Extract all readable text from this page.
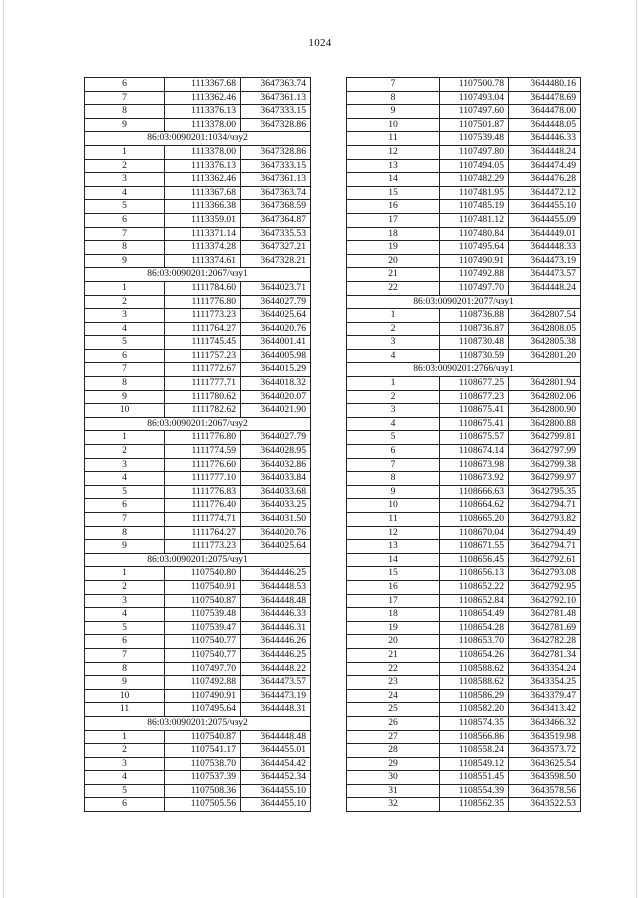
1024
6	1113367.68	3647363.74
7	1113362.46	3647361.13
8	1113376.13	3647333.15
9	1113378.00	3647328.86
86:03:0090201:1034/чзу2		
1	1113378.00	3647328.86
2	1113376.13	3647333.15
3	1113362.46	3647361.13
4	1113367.68	3647363.74
5	1113366.38	3647368.59
6	1113359.01	3647364.87
7	1113371.14	3647335.53
8	1113374.28	3647327.21
9	1113374.61	3647328.21
86:03:0090201:2067/чзу1		
1	1111784.60	3644023.71
2	1111776.80	3644027.79
3	1111773.23	3644025.64
4	1111764.27	3644020.76
5	1111745.45	3644001.41
6	1111757.23	3644005.98
7	1111772.67	3644015.29
8	1111777.71	3644018.32
9	1111780.62	3644020.07
10	1111782.62	3644021.90
86:03:0090201:2067/чзу2		
1	1111776.80	3644027.79
2	1111774.59	3644028.95
3	1111776.60	3644032.86
4	1111777.10	3644033.84
5	1111776.83	3644033.68
6	1111776.40	3644033.25
7	1111774.71	3644031.50
8	1111764.27	3644020.76
9	1111773.23	3644025.64
86:03:0090201:2075/чзу1		
1	1107540.80	3644446.25
2	1107540.91	3644448.53
3	1107540.87	3644448.48
4	1107539.48	3644446.33
5	1107539.47	3644446.31
6	1107540.77	3644446.26
7	1107540.77	3644446.25
8	1107497.70	3644448.22
9	1107492.88	3644473.57
10	1107490.91	3644473.19
11	1107495.64	3644448.31
86:03:0090201:2075/чзу2		
1	1107540.87	3644448.48
2	1107541.17	3644455.01
3	1107538.70	3644454.42
4	1107537.39	3644452.34
5	1107508.36	3644455.10
6	1107505.56	3644455.10
7	1107500.78	3644480.16
8	1107493.04	3644478.69
9	1107497.60	3644478.00
10	1107501.87	3644448.05
11	1107539.48	3644446.33
12	1107497.80	3644448.24
13	1107494.05	3644474.49
14	1107482.29	3644476.28
15	1107481.95	3644472.12
16	1107485.19	3644455.10
17	1107481.12	3644455.09
18	1107480.84	3644449.01
19	1107495.64	3644448.33
20	1107490.91	3644473.19
21	1107492.88	3644473.57
22	1107497.70	3644448.24
86:03:0090201:2077/чзу1		
1	1108736.88	3642807.54
2	1108736.87	3642808.05
3	1108730.48	3642805.38
4	1108730.59	3642801.20
86:03:0090201:2766/чзу1		
1	1108677.25	3642801.94
2	1108677.23	3642802.06
3	1108675.41	3642800.90
4	1108675.41	3642800.88
5	1108675.57	3642799.81
6	1108674.14	3642797.99
7	1108673.98	3642799.38
8	1108673.92	3642799.97
9	1108666.63	3642795.35
10	1108664.62	3642794.71
11	1108665.20	3642793.82
12	1108670.04	3642794.49
13	1108671.55	3642794.71
14	1108656.45	3642792.61
15	1108656.13	3642793.08
16	1108652.22	3642792.95
17	1108652.84	3642792.10
18	1108654.49	3642781.48
19	1108654.28	3642781.69
20	1108653.70	3642782.28
21	1108654.26	3642781.34
22	1108588.62	3643354.24
23	1108588.62	3643354.25
24	1108586.29	3643379.47
25	1108582.20	3643413.42
26	1108574.35	3643466.32
27	1108566.86	3643519.98
28	1108558.24	3643573.72
29	1108549.12	3643625.54
30	1108551.45	3643598.50
31	1108554.39	3643578.56
32	1108562.35	3643522.53
